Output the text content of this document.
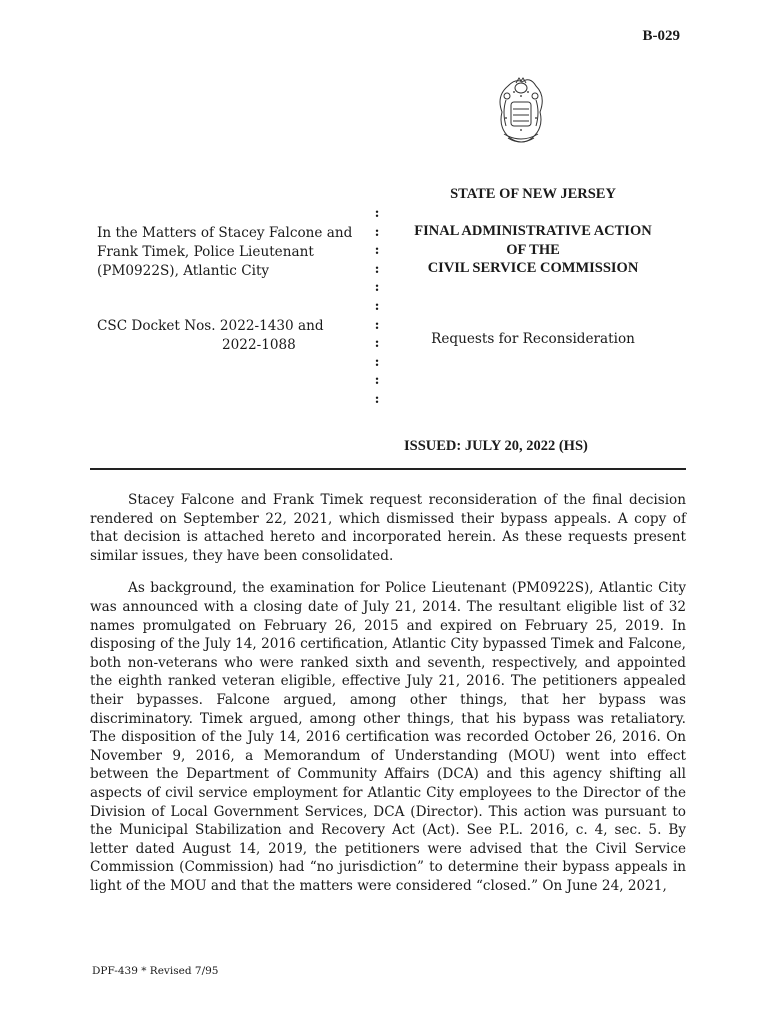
B-029
STATE OF NEW JERSEY

In the Matters of Stacey Falcone and

Frank Timek, Police Lieutenant

(PM0922S), Atlantic City

CSC Docket Nos. 2022-1430 and
2022-1088
:
:
:
:
:
:
:
:
:
:
:
FINAL ADMINISTRATIVE ACTION
OF THE
CIVIL SERVICE COMMISSION
Requests for Reconsideration
ISSUED: JULY 20, 2022 (HS)

Stacey Falcone and Frank Timek request reconsideration of the final decision rendered on September 22, 2021, which dismissed their bypass appeals. A copy of that decision is attached hereto and incorporated herein. As these requests present similar issues, they have been consolidated.

As background, the examination for Police Lieutenant (PM0922S), Atlantic City was announced with a closing date of July 21, 2014. The resultant eligible list of 32 names promulgated on February 26, 2015 and expired on February 25, 2019. In disposing of the July 14, 2016 certification, Atlantic City bypassed Timek and Falcone, both non-veterans who were ranked sixth and seventh, respectively, and appointed the eighth ranked veteran eligible, effective July 21, 2016. The petitioners appealed their bypasses. Falcone argued, among other things, that her bypass was discriminatory. Timek argued, among other things, that his bypass was retaliatory. The disposition of the July 14, 2016 certification was recorded October 26, 2016. On November 9, 2016, a Memorandum of Understanding (MOU) went into effect between the Department of Community Affairs (DCA) and this agency shifting all aspects of civil service employment for Atlantic City employees to the Director of the Division of Local Government Services, DCA (Director). This action was pursuant to the Municipal Stabilization and Recovery Act (Act). See P.L. 2016, c. 4, sec. 5. By letter dated August 14, 2019, the petitioners were advised that the Civil Service Commission (Commission) had “no jurisdiction” to determine their bypass appeals in light of the MOU and that the matters were considered “closed.” On June 24, 2021,

DPF-439 * Revised 7/95
